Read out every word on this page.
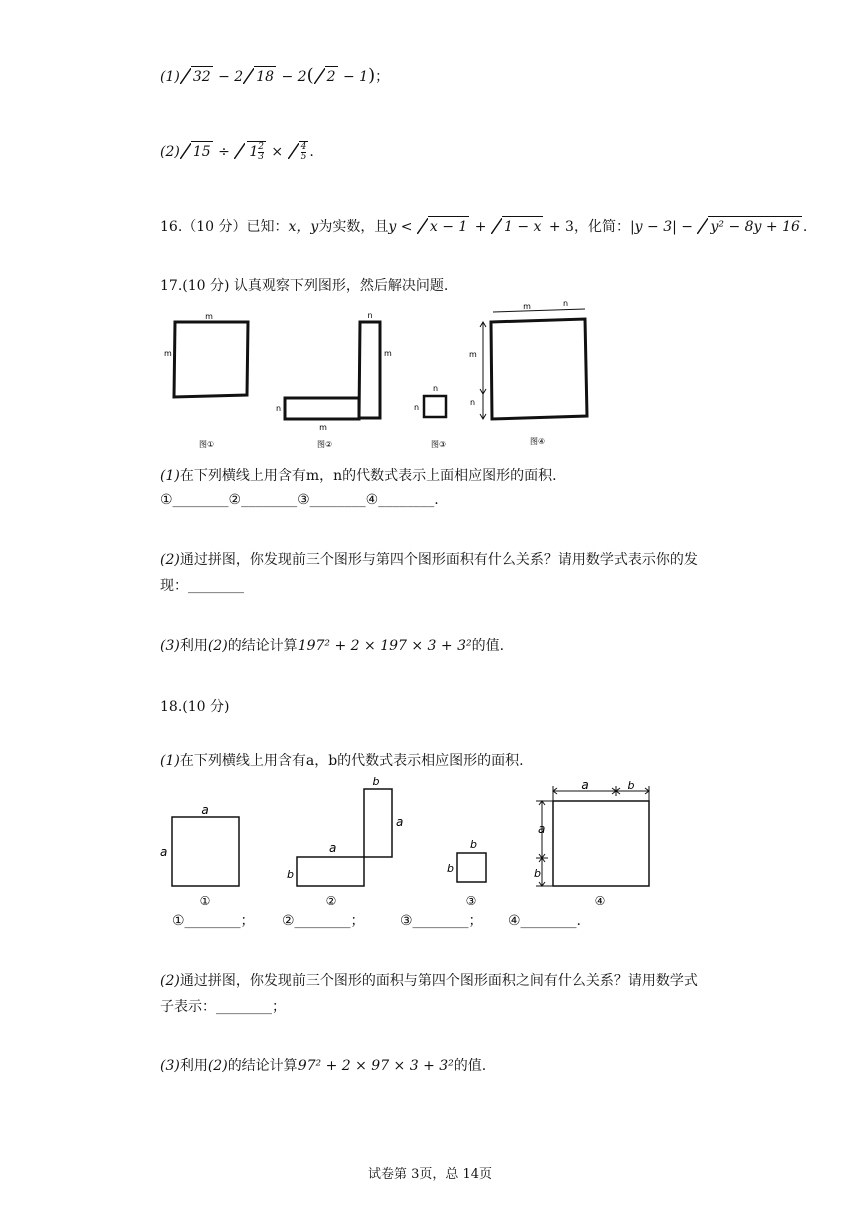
(1) 32 − 2 18 − 2( 2 − 1)；
(2) $15 \div 1 \frac{2}{3} \times \frac{4}{5}$ .
16.（10 分）已知：x，y为实数，且y < x − 1 + 1 − x + 3，化简：|y − 3| − y² − 8y + 16 .
17.(10 分) 认真观察下列图形，然后解决问题.
m
m
图①
n
m
n
m
图②
n
n
图③
m	n
m
n
图④
(1)在下列横线上用含有m，n的代数式表示上面相应图形的面积.
①________②________③________④________.
(2)通过拼图，你发现前三个图形与第四个图形面积有什么关系？请用数学式表示你的发
现：________
(3)利用(2)的结论计算197² + 2 × 197 × 3 + 3²的值.
18.(10 分)
(1)在下列横线上用含有a，b的代数式表示相应图形的面积.
a
a
①
b
a
a
b
②
b
b
③
a	b
a
b
④
①________； ②________；	③________； ④________.
(2)通过拼图，你发现前三个图形的面积与第四个图形面积之间有什么关系？请用数学式
子表示：________；
(3)利用(2)的结论计算97² + 2 × 97 × 3 + 3²的值.
试卷第 3页，总 14页
